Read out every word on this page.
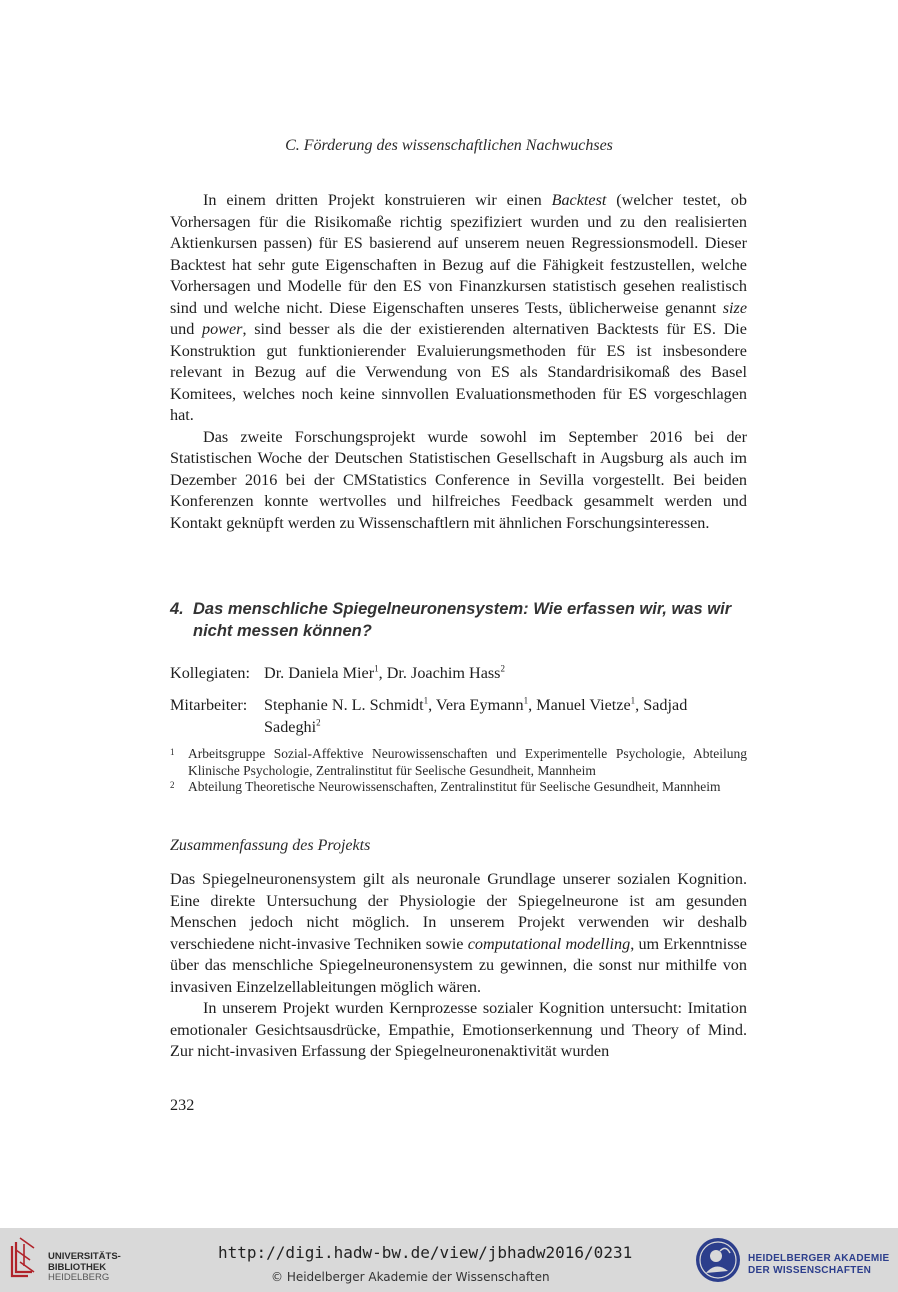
C. Förderung des wissenschaftlichen Nachwuchses

In einem dritten Projekt konstruieren wir einen Backtest (welcher testet, ob Vorhersagen für die Risikomaße richtig spezifiziert wurden und zu den realisierten Aktienkursen passen) für ES basierend auf unserem neuen Regressionsmodell. Dieser Backtest hat sehr gute Eigenschaften in Bezug auf die Fähigkeit festzustellen, welche Vorhersagen und Modelle für den ES von Finanzkursen statistisch gesehen realistisch sind und welche nicht. Diese Eigenschaften unseres Tests, üblicherweise genannt size und power, sind besser als die der existierenden alternativen Backtests für ES. Die Konstruktion gut funktionierender Evaluierungsmethoden für ES ist insbesondere relevant in Bezug auf die Verwendung von ES als Standardrisikomaß des Basel Komitees, welches noch keine sinnvollen Evaluationsmethoden für ES vorgeschlagen hat.

Das zweite Forschungsprojekt wurde sowohl im September 2016 bei der Statistischen Woche der Deutschen Statistischen Gesellschaft in Augsburg als auch im Dezember 2016 bei der CMStatistics Conference in Sevilla vorgestellt. Bei beiden Konferenzen konnte wertvolles und hilfreiches Feedback gesammelt werden und Kontakt geknüpft werden zu Wissenschaftlern mit ähnlichen Forschungsinteressen.

4. Das menschliche Spiegelneuronensystem: Wie erfassen wir, was wir nicht messen können?
Kollegiaten: Dr. Daniela Mier$^1$, Dr. Joachim Hass$^2$
Mitarbeiter:	Stephanie N. L. Schmidt$^1$, Vera Eymann$^1$, Manuel Vietze$^1$, Sadjad Sadeghi$^2$
1 Arbeitsgruppe Sozial-Affektive Neurowissenschaften und Experimentelle Psychologie, Abteilung Klinische Psychologie, Zentralinstitut für Seelische Gesundheit, Mannheim
2 Abteilung Theoretische Neurowissenschaften, Zentralinstitut für Seelische Gesundheit, Mannheim
Zusammenfassung des Projekts

Das Spiegelneuronensystem gilt als neuronale Grundlage unserer sozialen Kognition. Eine direkte Untersuchung der Physiologie der Spiegelneurone ist am gesunden Menschen jedoch nicht möglich. In unserem Projekt verwenden wir deshalb verschiedene nicht-invasive Techniken sowie computational modelling, um Erkenntnisse über das menschliche Spiegelneuronensystem zu gewinnen, die sonst nur mithilfe von invasiven Einzelzellableitungen möglich wären.

In unserem Projekt wurden Kernprozesse sozialer Kognition untersucht: Imitation emotionaler Gesichtsausdrücke, Empathie, Emotionserkennung und Theory of Mind. Zur nicht-invasiven Erfassung der Spiegelneuronenaktivität wurden

232
UNIVERSITÄTS-
BIBLIOTHEK
HEIDELBERG
http://digi.hadw-bw.de/view/jbhadw2016/0231
© Heidelberger Akademie der Wissenschaften
HEIDELBERGER AKADEMIE
DER WISSENSCHAFTEN
